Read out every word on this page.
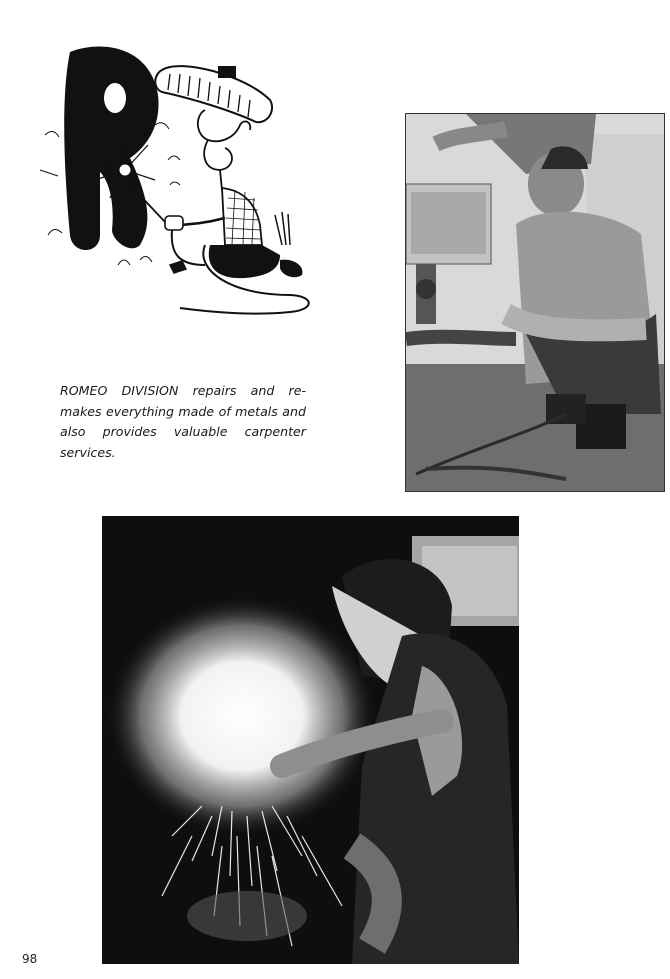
ROMEO DIVISION repairs and re-makes everything made of metals and also provides valuable carpenter services.

98
